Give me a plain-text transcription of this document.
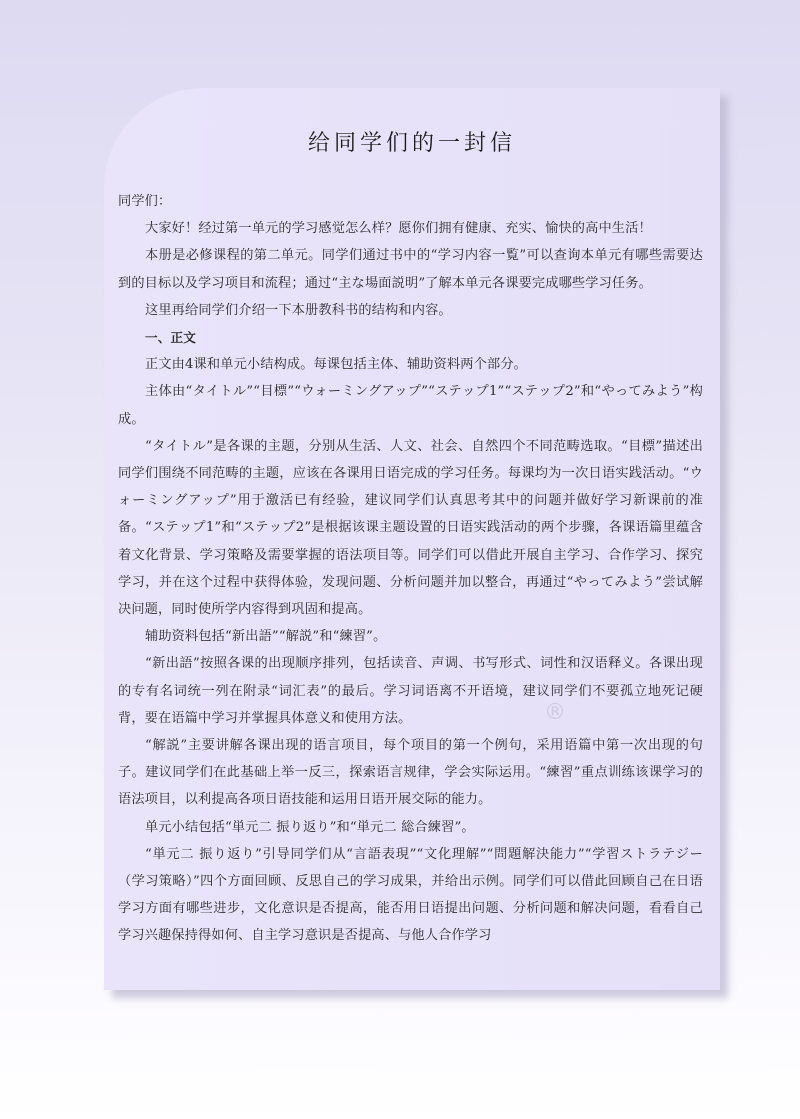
给同学们的一封信

同学们：

大家好！经过第一单元的学习感觉怎么样？愿你们拥有健康、充实、愉快的高中生活！

本册是必修课程的第二单元。同学们通过书中的“学习内容一覧”可以查询本单元有哪些需要达到的目标以及学习项目和流程；通过“主な場面説明”了解本单元各课要完成哪些学习任务。

这里再给同学们介绍一下本册教科书的结构和内容。

一、正文

正文由4课和单元小结构成。每课包括主体、辅助资料两个部分。

主体由“タイトル”“目標”“ウォーミングアップ”“ステップ1”“ステップ2”和“やってみよう”构成。

“タイトル”是各课的主题，分别从生活、人文、社会、自然四个不同范畴选取。“目標”描述出同学们围绕不同范畴的主题，应该在各课用日语完成的学习任务。每课均为一次日语实践活动。“ウォーミングアップ”用于激活已有经验，建议同学们认真思考其中的问题并做好学习新课前的准备。“ステップ1”和“ステップ2”是根据该课主题设置的日语实践活动的两个步骤，各课语篇里蕴含着文化背景、学习策略及需要掌握的语法项目等。同学们可以借此开展自主学习、合作学习、探究学习，并在这个过程中获得体验，发现问题、分析问题并加以整合，再通过“やってみよう”尝试解决问题，同时使所学内容得到巩固和提高。

辅助资料包括“新出語”“解説”和“練習”。

“新出語”按照各课的出现顺序排列，包括读音、声调、书写形式、词性和汉语释义。各课出现的专有名词统一列在附录“词汇表”的最后。学习词语离不开语境，建议同学们不要孤立地死记硬背，要在语篇中学习并掌握具体意义和使用方法。

“解説”主要讲解各课出现的语言项目，每个项目的第一个例句，采用语篇中第一次出现的句子。建议同学们在此基础上举一反三，探索语言规律，学会实际运用。“練習”重点训练该课学习的语法项目，以利提高各项日语技能和运用日语开展交际的能力。

单元小结包括“単元二 振り返り”和“単元二 総合練習”。

“単元二 振り返り”引导同学们从“言語表現”“文化理解”“問題解決能力”“学習ストラテジー（学习策略）”四个方面回顾、反思自己的学习成果，并给出示例。同学们可以借此回顾自己在日语学习方面有哪些进步，文化意识是否提高，能否用日语提出问题、分析问题和解决问题，看看自己学习兴趣保持得如何、自主学习意识是否提高、与他人合作学习

®
